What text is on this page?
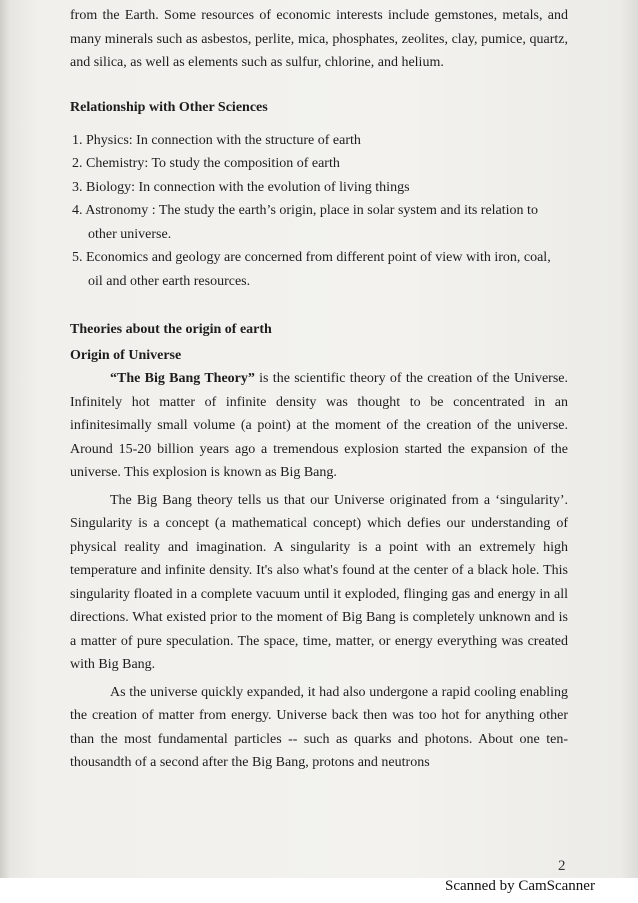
from the Earth. Some resources of economic interests include gemstones, metals, and many minerals such as asbestos, perlite, mica, phosphates, zeolites, clay, pumice, quartz, and silica, as well as elements such as sulfur, chlorine, and helium.

Relationship with Other Sciences
1. Physics: In connection with the structure of earth
2. Chemistry: To study the composition of earth
3. Biology: In connection with the evolution of living things
4. Astronomy : The study the earth’s origin, place in solar system and its relation to other universe.
5. Economics and geology are concerned from different point of view with iron, coal, oil and other earth resources.
Theories about the origin of earth
Origin of Universe

“The Big Bang Theory” is the scientific theory of the creation of the Universe. Infinitely hot matter of infinite density was thought to be concentrated in an infinitesimally small volume (a point) at the moment of the creation of the universe. Around 15-20 billion years ago a tremendous explosion started the expansion of the universe. This explosion is known as Big Bang.

The Big Bang theory tells us that our Universe originated from a ‘singularity’. Singularity is a concept (a mathematical concept) which defies our understanding of physical reality and imagination. A singularity is a point with an extremely high temperature and infinite density. It's also what's found at the center of a black hole. This singularity floated in a complete vacuum until it exploded, flinging gas and energy in all directions. What existed prior to the moment of Big Bang is completely unknown and is a matter of pure speculation. The space, time, matter, or energy everything was created with Big Bang.

As the universe quickly expanded, it had also undergone a rapid cooling enabling the creation of matter from energy. Universe back then was too hot for anything other than the most fundamental particles -- such as quarks and photons. About one ten-thousandth of a second after the Big Bang, protons and neutrons

2
Scanned by CamScanner
